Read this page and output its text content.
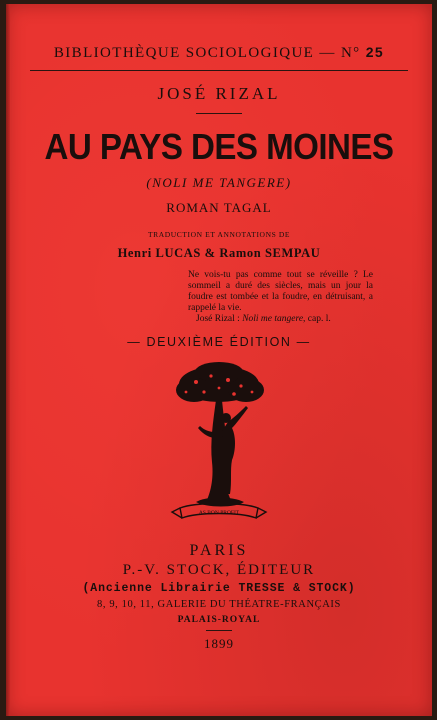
BIBLIOTHÈQUE SOCIOLOGIQUE — N° 25
JOSÉ RIZAL
AU PAYS DES MOINES
(NOLI ME TANGERE)
ROMAN TAGAL
TRADUCTION ET ANNOTATIONS DE
Henri LUCAS & Ramon SEMPAU
Ne vois-tu pas comme tout se réveille ? Le sommeil a duré des siècles, mais un jour la foudre est tombée et la foudre, en détruisant, a rappelé la vie.
José Rizal : Noli me tangere, cap. l.
— DEUXIÈME ÉDITION —
AS BON PROFIT
PARIS
P.-V. STOCK, ÉDITEUR
(Ancienne Librairie TRESSE & STOCK)
8, 9, 10, 11, GALERIE DU THÉATRE-FRANÇAIS
PALAIS-ROYAL
1899
